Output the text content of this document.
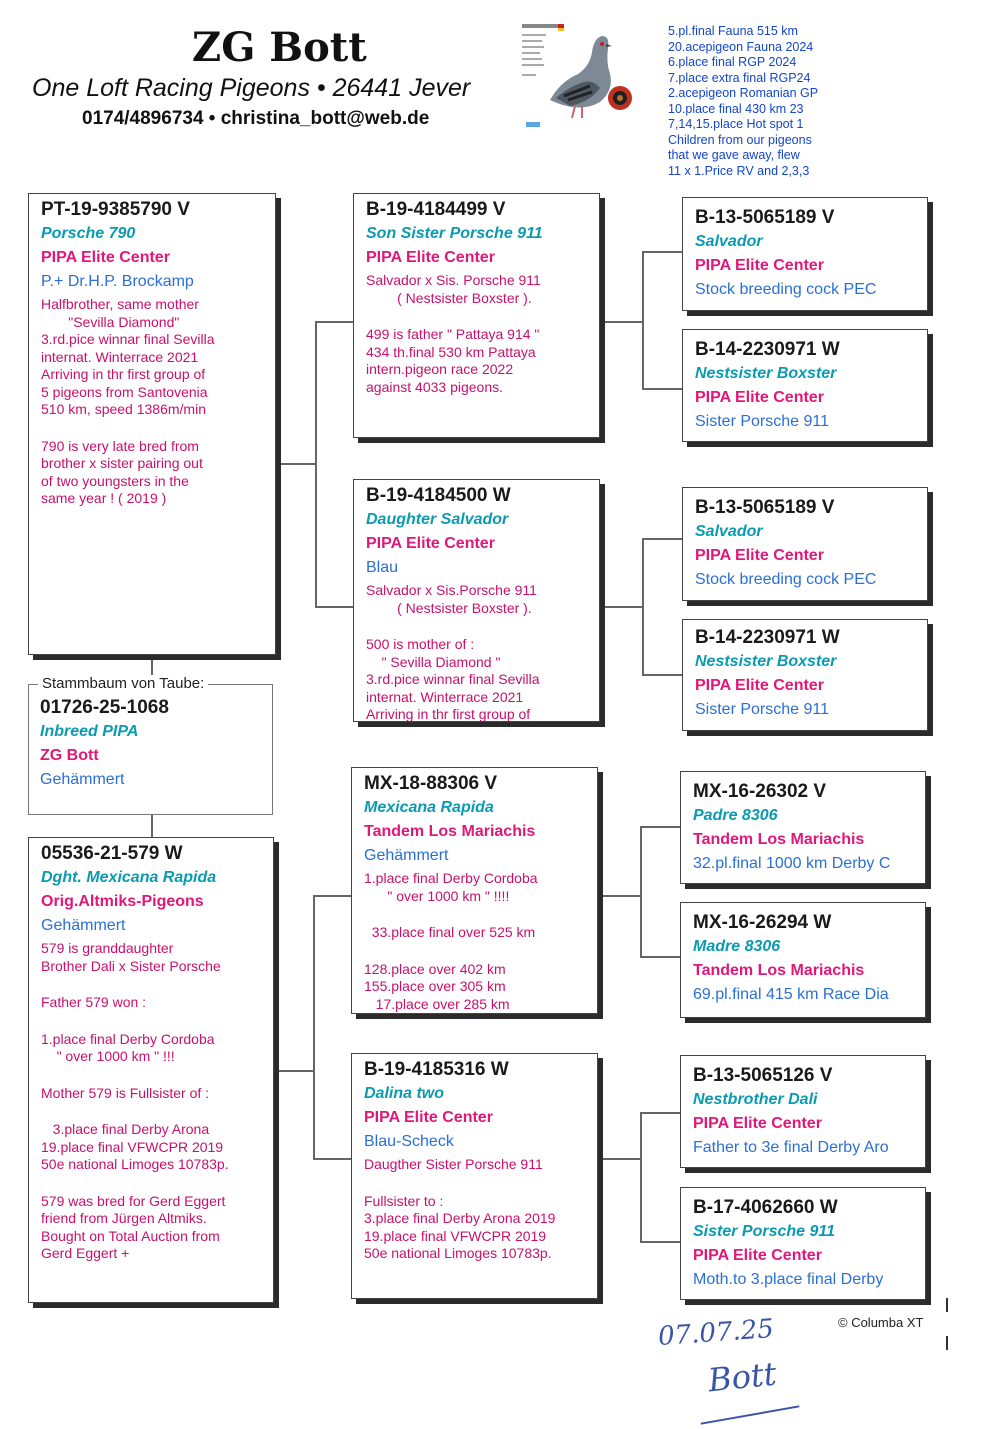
ZG Bott
One Loft Racing Pigeons • 26441 Jever
0174/4896734 • christina_bott@web.de
5.pl.final Fauna 515 km
20.acepigeon Fauna 2024
6.place final RGP 2024
7.place extra final RGP24
2.acepigeon Romanian GP
10.place final 430 km 23
7,14,15.place Hot spot 1
Children from our pigeons
that we gave away, flew
11 x 1.Price RV and 2,3,3
PT-19-9385790 V
Porsche 790
PIPA Elite Center
P.+ Dr.H.P. Brockamp
Halfbrother, same mother
"Sevilla Diamond"
3.rd.pice winnar final Sevilla
internat. Winterrace 2021
Arriving in thr first group of
5 pigeons from Santovenia
510 km, speed 1386m/min
790 is very late bred from
brother x sister pairing out
of two youngsters in the
same year ! ( 2019 )
Stammbaum von Taube:
01726-25-1068
Inbreed PIPA
ZG Bott
Gehämmert
05536-21-579 W
Dght. Mexicana Rapida
Orig.Altmiks-Pigeons
Gehämmert
579 is granddaughter
Brother Dali x Sister Porsche
Father 579 won :
1.place final Derby Cordoba
" over 1000 km " !!!
Mother 579 is Fullsister of :
3.place final Derby Arona
19.place final VFWCPR 2019
50e national Limoges 10783p.
579 was bred for Gerd Eggert
friend from Jürgen Altmiks.
Bought on Total Auction from
Gerd Eggert +
B-19-4184499 V
Son Sister Porsche 911
PIPA Elite Center
Salvador x Sis. Porsche 911
( Nestsister Boxster ).
499 is father " Pattaya 914 "
434 th.final 530 km Pattaya
intern.pigeon race 2022
against 4033 pigeons.
B-19-4184500 W
Daughter Salvador
PIPA Elite Center
Blau
Salvador x Sis.Porsche 911
( Nestsister Boxster ).
500 is mother of :
" Sevilla Diamond "
3.rd.pice winnar final Sevilla
internat. Winterrace 2021
Arriving in thr first group of
MX-18-88306 V
Mexicana Rapida
Tandem Los Mariachis
Gehämmert
1.place final Derby Cordoba
" over 1000 km " !!!!
33.place final over 525 km
128.place over 402 km
155.place over 305 km
17.place over 285 km
B-19-4185316 W
Dalina two
PIPA Elite Center
Blau-Scheck
Daugther Sister Porsche 911
Fullsister to :
3.place final Derby Arona 2019
19.place final VFWCPR 2019
50e national Limoges 10783p.
B-13-5065189 V
Salvador
PIPA Elite Center
Stock breeding cock PEC
B-14-2230971 W
Nestsister Boxster
PIPA Elite Center
Sister Porsche 911
B-13-5065189 V
Salvador
PIPA Elite Center
Stock breeding cock PEC
B-14-2230971 W
Nestsister Boxster
PIPA Elite Center
Sister Porsche 911
MX-16-26302 V
Padre 8306
Tandem Los Mariachis
32.pl.final 1000 km Derby C
MX-16-26294 W
Madre 8306
Tandem Los Mariachis
69.pl.final 415 km Race Dia
B-13-5065126 V
Nestbrother Dali
PIPA Elite Center
Father to 3e final Derby Aro
B-17-4062660 W
Sister Porsche 911
PIPA Elite Center
Moth.to 3.place final Derby
© Columba XT
07.07.25
Bott
